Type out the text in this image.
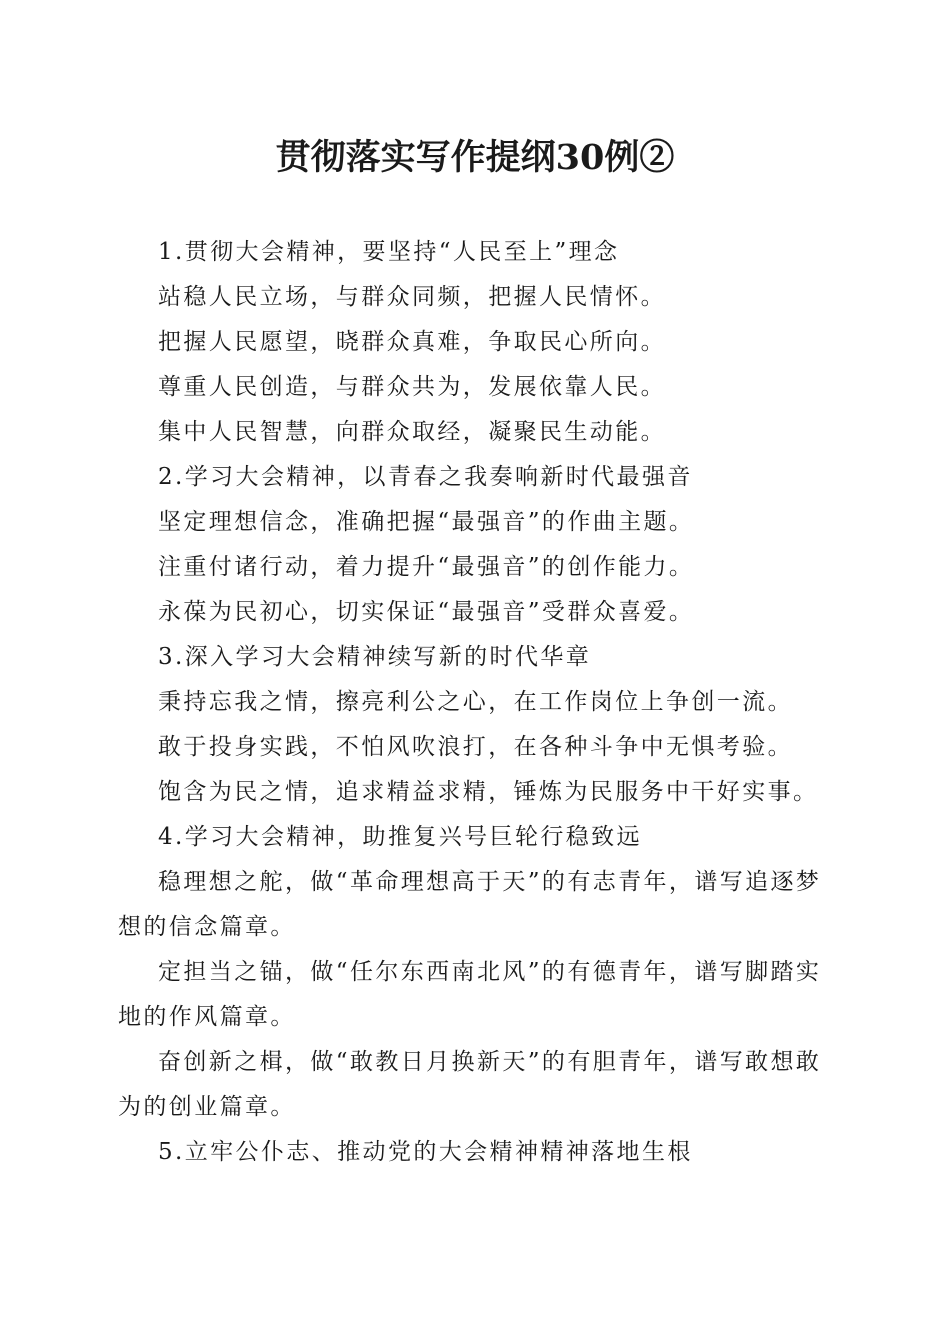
贯彻落实写作提纲30例②

1.贯彻大会精神，要坚持“人民至上”理念

站稳人民立场，与群众同频，把握人民情怀。

把握人民愿望，晓群众真难，争取民心所向。

尊重人民创造，与群众共为，发展依靠人民。

集中人民智慧，向群众取经，凝聚民生动能。

2.学习大会精神，以青春之我奏响新时代最强音

坚定理想信念，准确把握“最强音”的作曲主题。

注重付诸行动，着力提升“最强音”的创作能力。

永葆为民初心，切实保证“最强音”受群众喜爱。

3.深入学习大会精神续写新的时代华章

秉持忘我之情，擦亮利公之心，在工作岗位上争创一流。

敢于投身实践，不怕风吹浪打，在各种斗争中无惧考验。

饱含为民之情，追求精益求精，锤炼为民服务中干好实事。

4.学习大会精神，助推复兴号巨轮行稳致远

稳理想之舵，做“革命理想高于天”的有志青年，谱写追逐梦想的信念篇章。

定担当之锚，做“任尔东西南北风”的有德青年，谱写脚踏实地的作风篇章。

奋创新之楫，做“敢教日月换新天”的有胆青年，谱写敢想敢为的创业篇章。

5.立牢公仆志、推动党的大会精神精神落地生根
